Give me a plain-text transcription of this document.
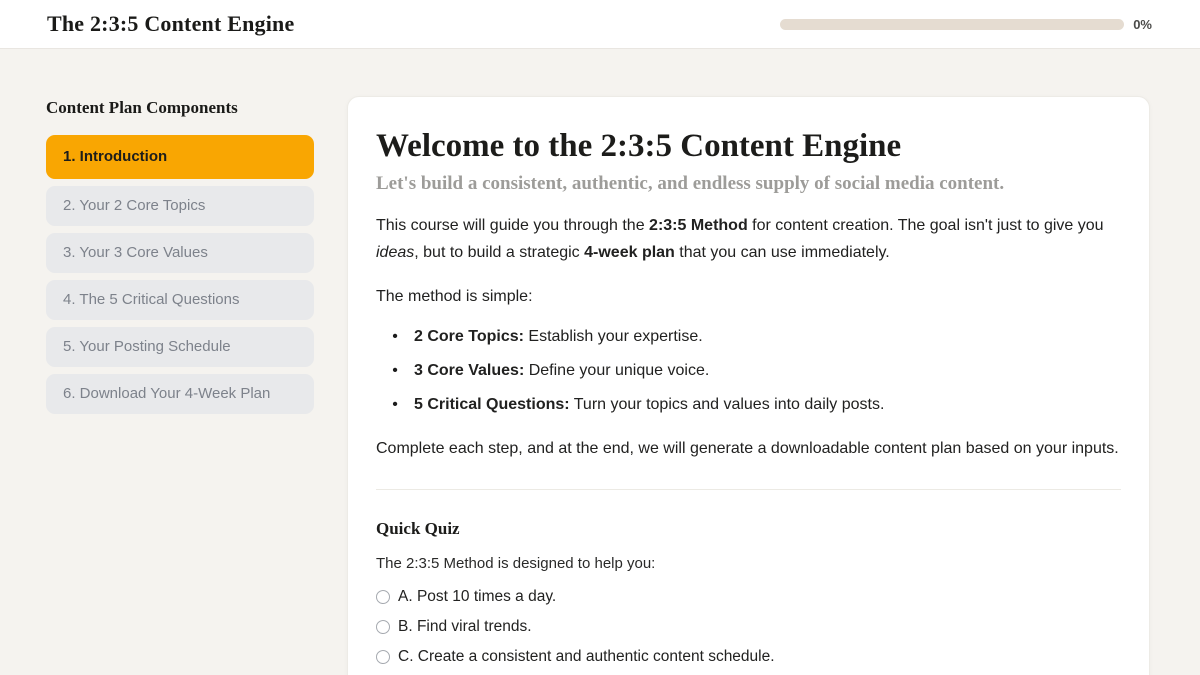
The 2:3:5 Content Engine	0%
Content Plan Components
1. Introduction
2. Your 2 Core Topics
3. Your 3 Core Values
4. The 5 Critical Questions
5. Your Posting Schedule
6. Download Your 4-Week Plan
Welcome to the 2:3:5 Content Engine
Let's build a consistent, authentic, and endless supply of social media content.

This course will guide you through the 2:3:5 Method for content creation. The goal isn't just to give you ideas, but to build a strategic 4-week plan that you can use immediately.

The method is simple:

•	2 Core Topics: Establish your expertise.
•	3 Core Values: Define your unique voice.
•	5 Critical Questions: Turn your topics and values into daily posts.

Complete each step, and at the end, we will generate a downloadable content plan based on your inputs.

Quick Quiz

The 2:3:5 Method is designed to help you:

A. Post 10 times a day.
B. Find viral trends.
C. Create a consistent and authentic content schedule.
